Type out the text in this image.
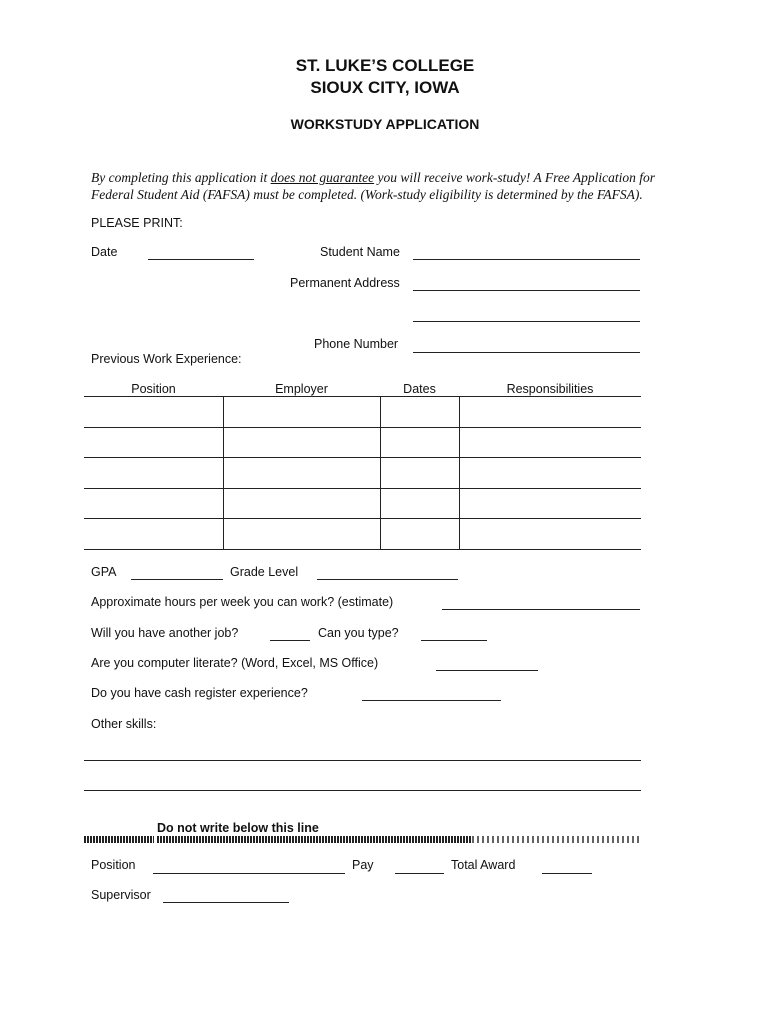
ST. LUKE’S COLLEGE
SIOUX CITY, IOWA
WORKSTUDY APPLICATION
By completing this application it does not guarantee you will receive work-study! A Free Application for Federal Student Aid (FAFSA) must be completed. (Work-study eligibility is determined by the FAFSA).
PLEASE PRINT:
Date	Student Name
Permanent Address
Phone Number
Previous Work Experience:
Position	Employer	Dates	Responsibilities

GPA	Grade Level
Approximate hours per week you can work? (estimate)
Will you have another job?	Can you type?
Are you computer literate? (Word, Excel, MS Office)
Do you have cash register experience?
Other skills:
Do not write below this line
Position	Pay	Total Award
Supervisor
